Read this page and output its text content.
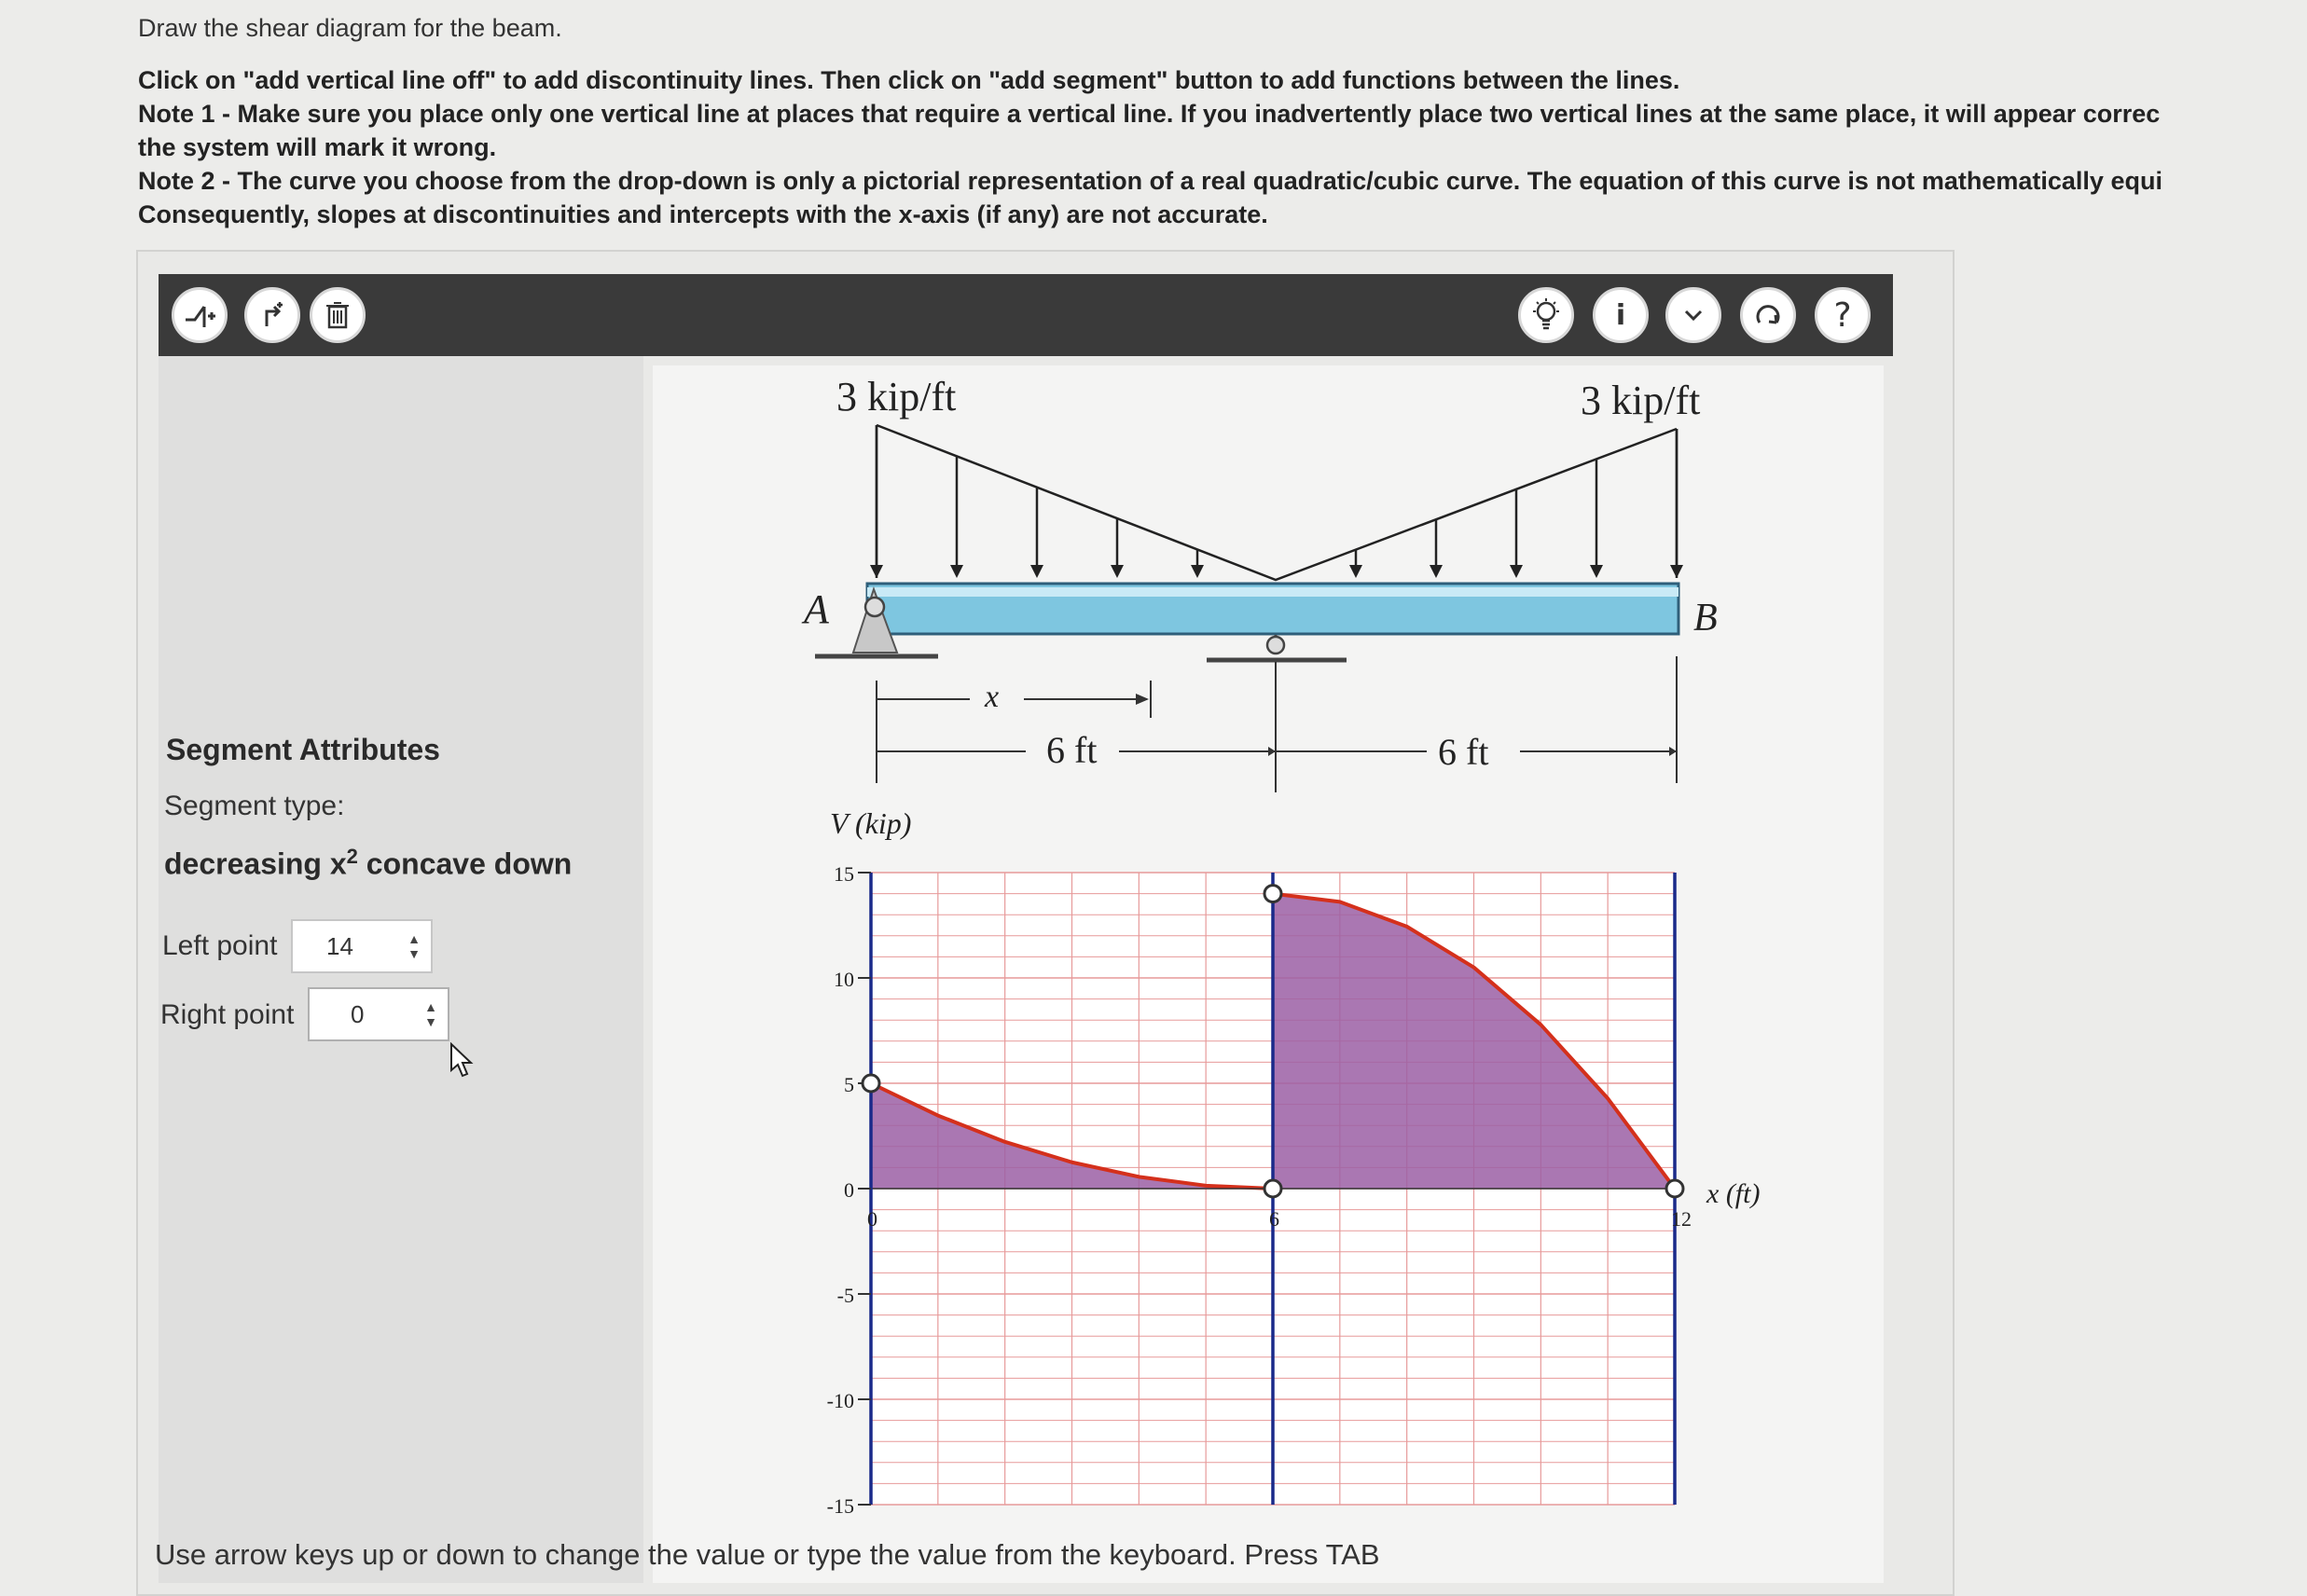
Draw the shear diagram for the beam.
Click on "add vertical line off" to add discontinuity lines. Then click on "add segment" button to add functions between the lines.
Note 1 - Make sure you place only one vertical line at places that require a vertical line. If you inadvertently place two vertical lines at the same place, it will appear correc
the system will mark it wrong.
Note 2 - The curve you choose from the drop-down is only a pictorial representation of a real quadratic/cubic curve. The equation of this curve is not mathematically equi
Consequently, slopes at discontinuities and intercepts with the x-axis (if any) are not accurate.
i	?
Segment Attributes
Segment type:
decreasing $x^2$ concave down
Left point	14	▲
▼
Right point	0	▲
▼
3 kip/ft	3 kip/ft
A	B
x
6 ft	6 ft
V (kip)
15
10
5
0
-5
-10
-15
0	6	12
x (ft)
Use arrow keys up or down to change the value or type the value from the keyboard. Press TAB
